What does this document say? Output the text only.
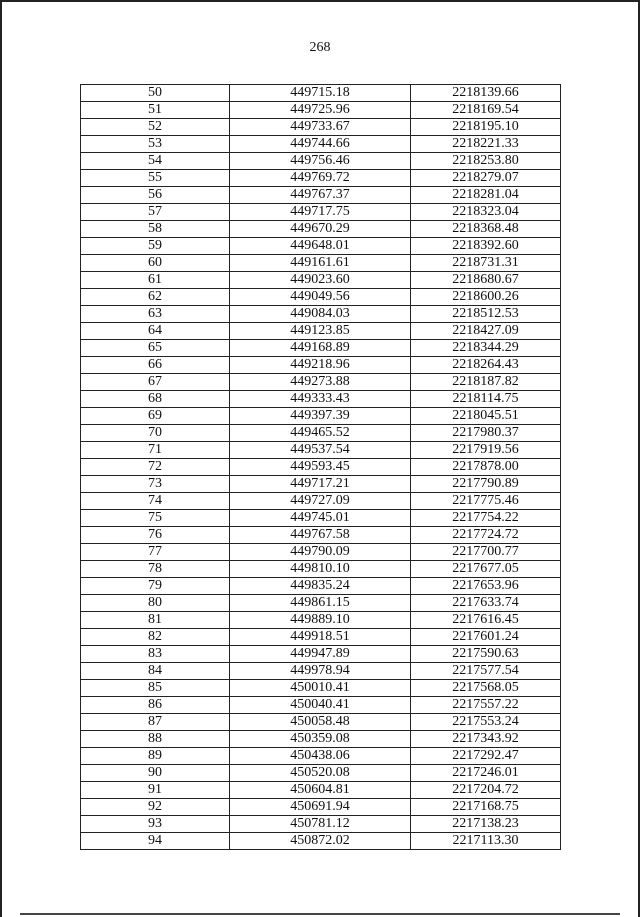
268
50	449715.18	2218139.66
51	449725.96	2218169.54
52	449733.67	2218195.10
53	449744.66	2218221.33
54	449756.46	2218253.80
55	449769.72	2218279.07
56	449767.37	2218281.04
57	449717.75	2218323.04
58	449670.29	2218368.48
59	449648.01	2218392.60
60	449161.61	2218731.31
61	449023.60	2218680.67
62	449049.56	2218600.26
63	449084.03	2218512.53
64	449123.85	2218427.09
65	449168.89	2218344.29
66	449218.96	2218264.43
67	449273.88	2218187.82
68	449333.43	2218114.75
69	449397.39	2218045.51
70	449465.52	2217980.37
71	449537.54	2217919.56
72	449593.45	2217878.00
73	449717.21	2217790.89
74	449727.09	2217775.46
75	449745.01	2217754.22
76	449767.58	2217724.72
77	449790.09	2217700.77
78	449810.10	2217677.05
79	449835.24	2217653.96
80	449861.15	2217633.74
81	449889.10	2217616.45
82	449918.51	2217601.24
83	449947.89	2217590.63
84	449978.94	2217577.54
85	450010.41	2217568.05
86	450040.41	2217557.22
87	450058.48	2217553.24
88	450359.08	2217343.92
89	450438.06	2217292.47
90	450520.08	2217246.01
91	450604.81	2217204.72
92	450691.94	2217168.75
93	450781.12	2217138.23
94	450872.02	2217113.30
